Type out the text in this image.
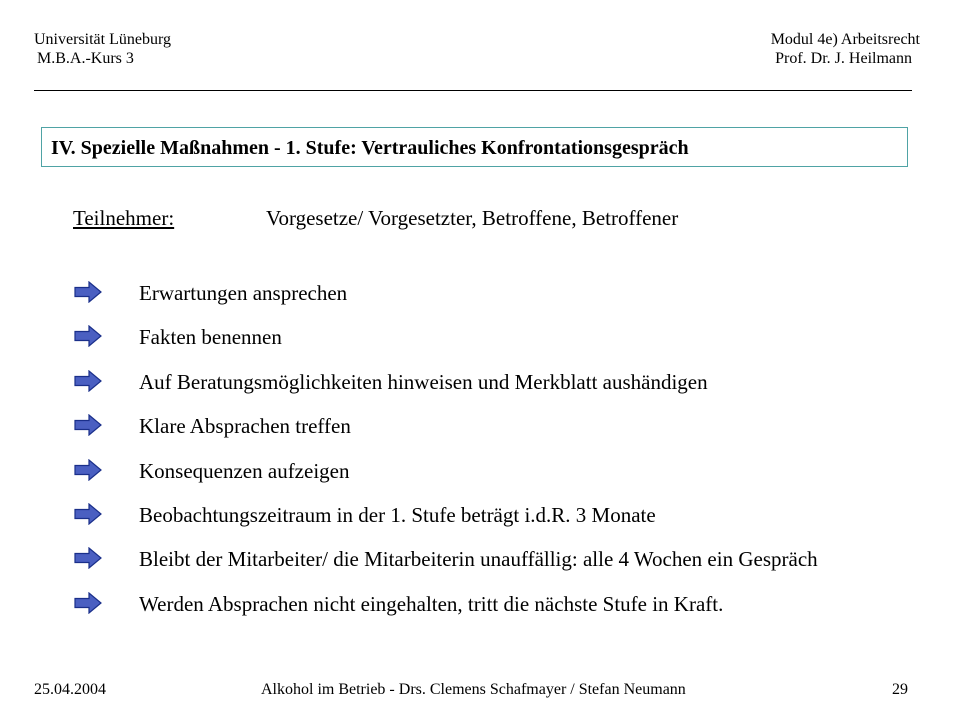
Universität Lüneburg
M.B.A.-Kurs 3
Modul 4e) Arbeitsrecht
Prof. Dr. J. Heilmann
IV. Spezielle Maßnahmen - 1. Stufe: Vertrauliches Konfrontationsgespräch
Teilnehmer:	Vorgesetze/ Vorgesetzter, Betroffene, Betroffener
Erwartungen ansprechen
Fakten benennen
Auf Beratungsmöglichkeiten hinweisen und Merkblatt aushändigen
Klare Absprachen treffen
Konsequenzen aufzeigen
Beobachtungszeitraum in der 1. Stufe beträgt i.d.R. 3 Monate
Bleibt der Mitarbeiter/ die Mitarbeiterin unauffällig: alle 4 Wochen ein Gespräch
Werden Absprachen nicht eingehalten, tritt die nächste Stufe in Kraft.
25.04.2004	Alkohol im Betrieb - Drs. Clemens Schafmayer / Stefan Neumann	29
